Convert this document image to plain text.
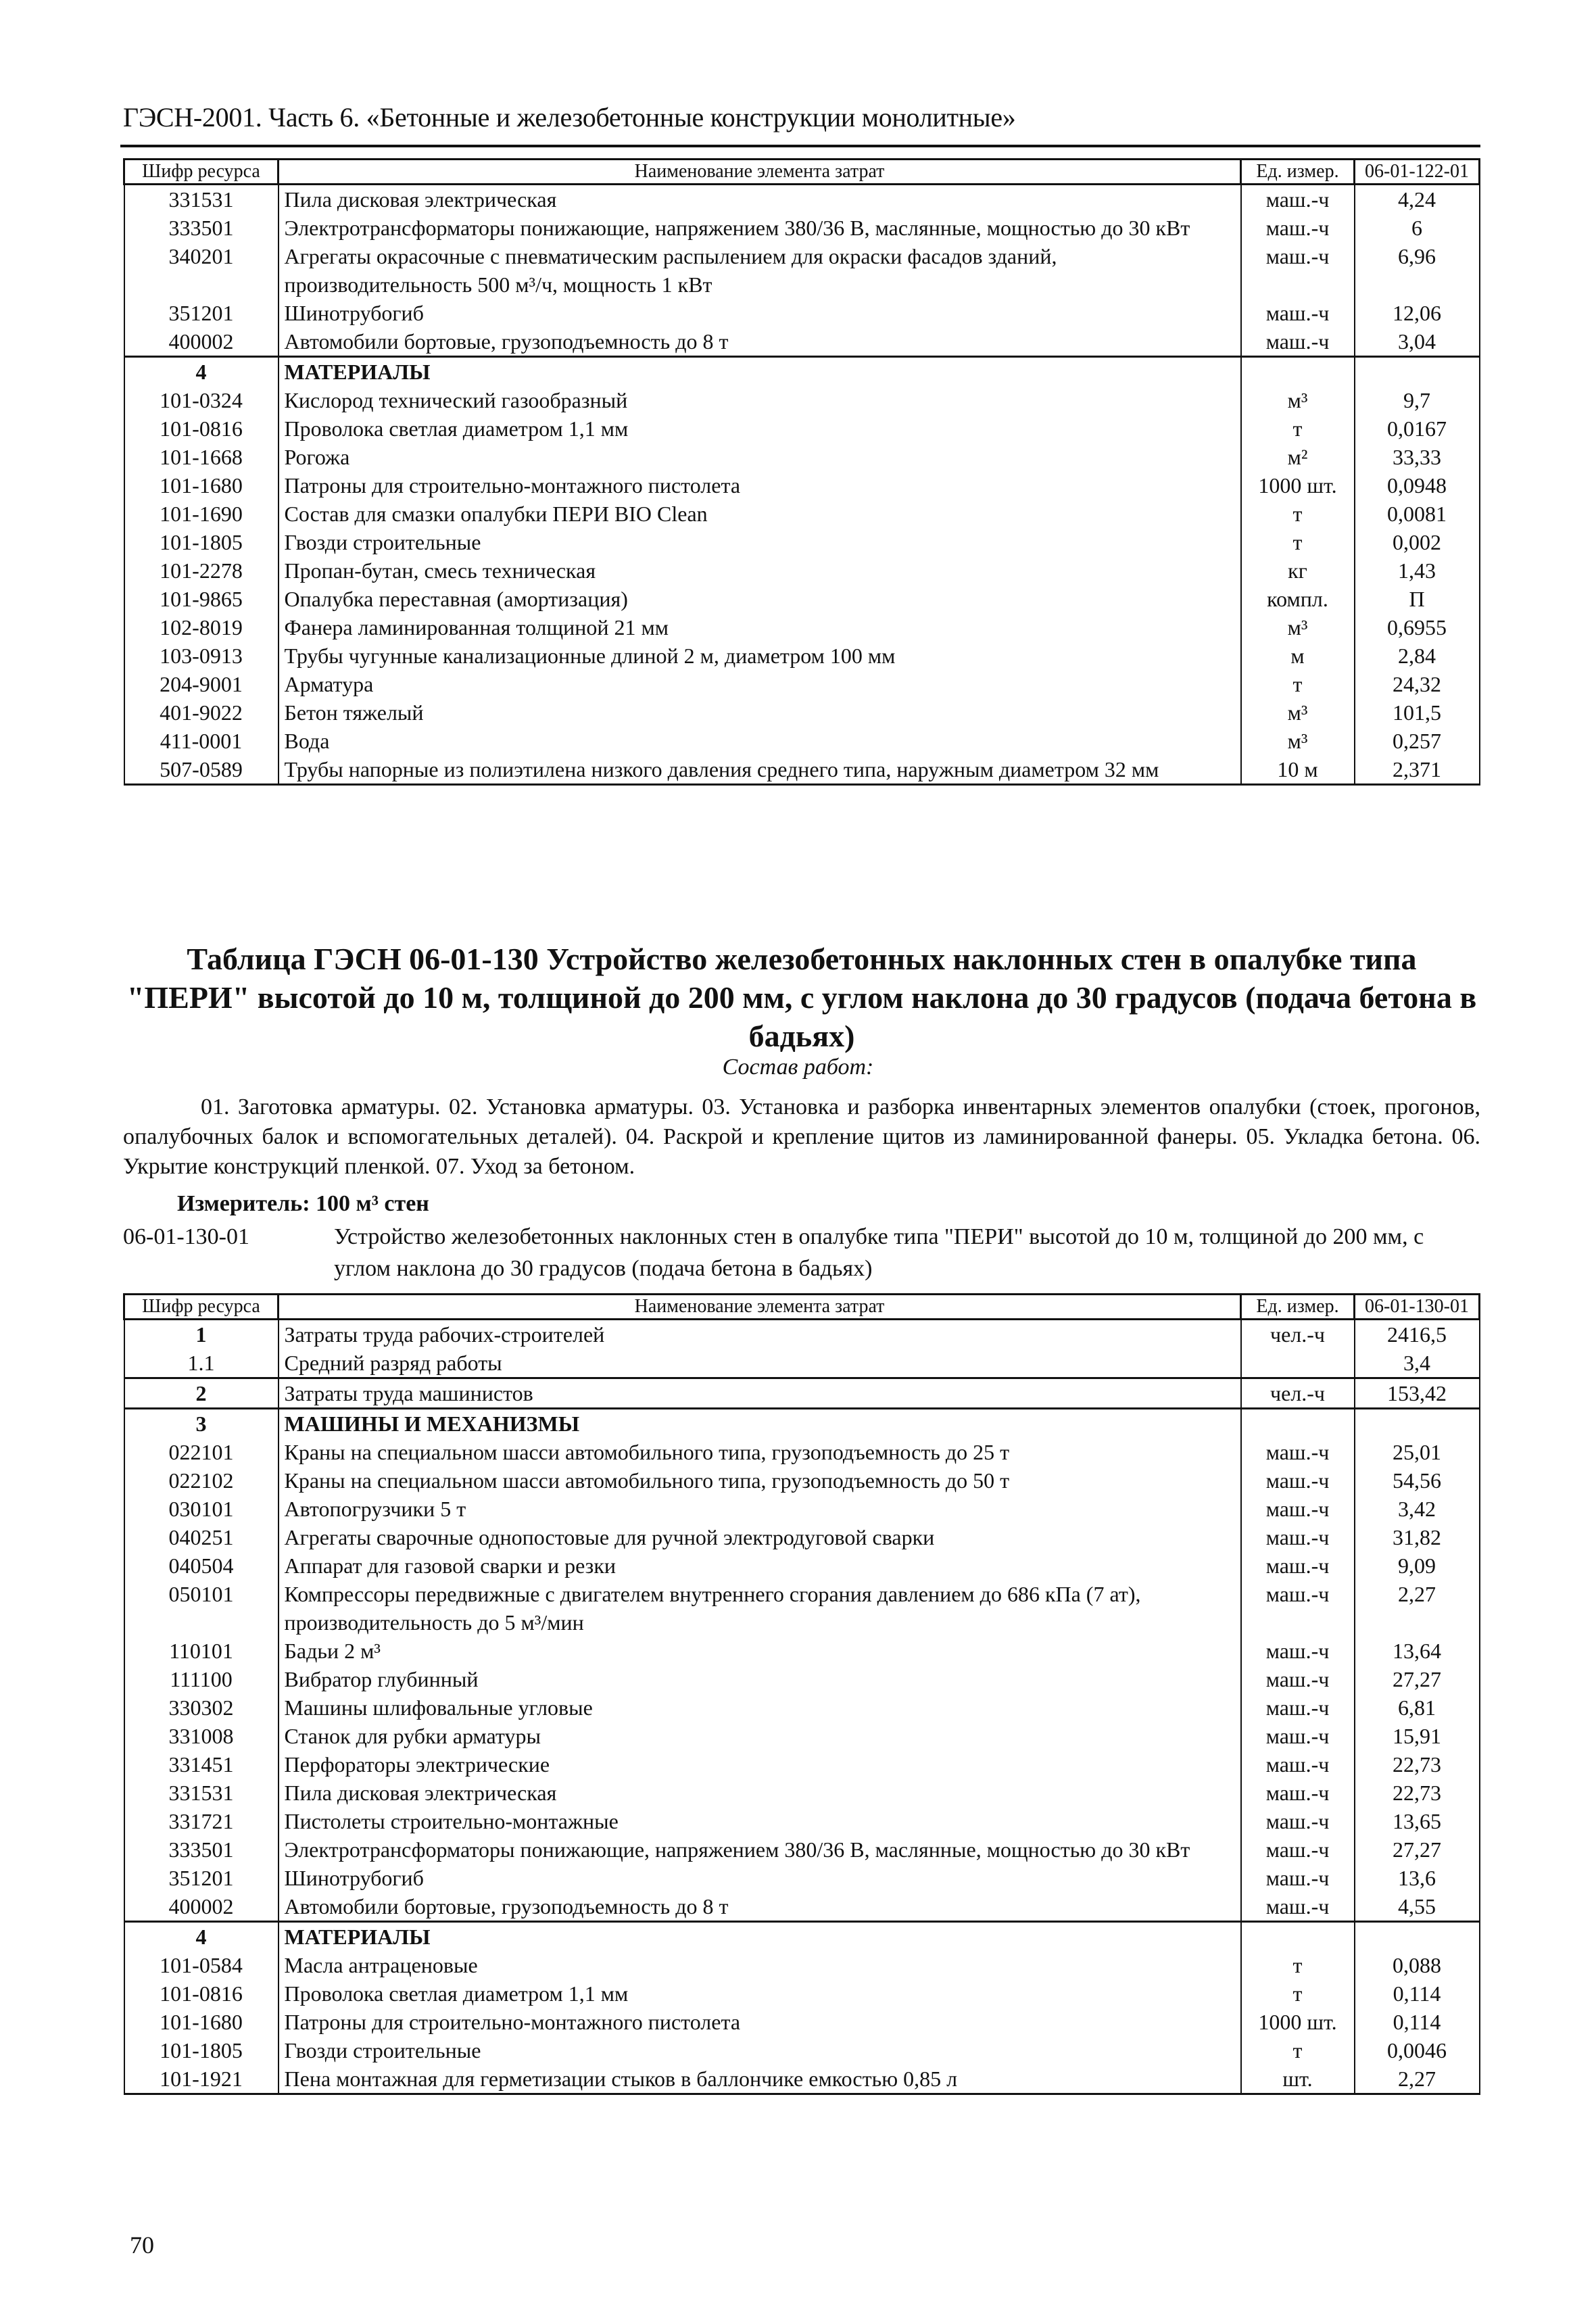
ГЭСН-2001. Часть 6. «Бетонные и железобетонные конструкции монолитные»
Шифр ресурса	Наименование элемента затрат	Ед. измер.	06-01-122-01
331531	Пила дисковая электрическая	маш.-ч	4,24
333501	Электротрансформаторы понижающие, напряжением 380/36 В, маслянные, мощностью до 30 кВт	маш.-ч	6
340201	Агрегаты окрасочные с пневматическим распылением для окраски фасадов зданий, производительность 500 м³/ч, мощность 1 кВт	маш.-ч	6,96
351201	Шинотрубогиб	маш.-ч	12,06
400002	Автомобили бортовые, грузоподъемность до 8 т	маш.-ч	3,04
4	МАТЕРИАЛЫ		
101-0324	Кислород технический газообразный	м³	9,7
101-0816	Проволока светлая диаметром 1,1 мм	т	0,0167
101-1668	Рогожа	м²	33,33
101-1680	Патроны для строительно-монтажного пистолета	1000 шт.	0,0948
101-1690	Состав для смазки опалубки ПЕРИ BIO Clean	т	0,0081
101-1805	Гвозди строительные	т	0,002
101-2278	Пропан-бутан, смесь техническая	кг	1,43
101-9865	Опалубка переставная (амортизация)	компл.	П
102-8019	Фанера ламинированная толщиной 21 мм	м³	0,6955
103-0913	Трубы чугунные канализационные длиной 2 м, диаметром 100 мм	м	2,84
204-9001	Арматура	т	24,32
401-9022	Бетон тяжелый	м³	101,5
411-0001	Вода	м³	0,257
507-0589	Трубы напорные из полиэтилена низкого давления среднего типа, наружным диаметром 32 мм	10 м	2,371
Таблица ГЭСН 06-01-130 Устройство железобетонных наклонных стен в опалубке типа "ПЕРИ" высотой до 10 м, толщиной до 200 мм, с углом наклона до 30 градусов (подача бетона в бадьях)
Состав работ:
01. Заготовка арматуры. 02. Установка арматуры. 03. Установка и разборка инвентарных элементов опалубки (стоек, прогонов, опалубочных балок и вспомогательных деталей). 04. Раскрой и крепление щитов из ламинированной фанеры. 05. Укладка бетона. 06. Укрытие конструкций пленкой. 07. Уход за бетоном.
Измеритель: 100 м³ стен
06-01-130-01	Устройство железобетонных наклонных стен в опалубке типа "ПЕРИ" высотой до 10 м, толщиной до 200 мм, с углом наклона до 30 градусов (подача бетона в бадьях)
Шифр ресурса	Наименование элемента затрат	Ед. измер.	06-01-130-01
1	Затраты труда рабочих-строителей	чел.-ч	2416,5
1.1	Средний разряд работы		3,4
2	Затраты труда машинистов	чел.-ч	153,42
3	МАШИНЫ И МЕХАНИЗМЫ		
022101	Краны на специальном шасси автомобильного типа, грузоподъемность до 25 т	маш.-ч	25,01
022102	Краны на специальном шасси автомобильного типа, грузоподъемность до 50 т	маш.-ч	54,56
030101	Автопогрузчики 5 т	маш.-ч	3,42
040251	Агрегаты сварочные однопостовые для ручной электродуговой сварки	маш.-ч	31,82
040504	Аппарат для газовой сварки и резки	маш.-ч	9,09
050101	Компрессоры передвижные с двигателем внутреннего сгорания давлением до 686 кПа (7 ат), производительность до 5 м³/мин	маш.-ч	2,27
110101	Бадьи 2 м³	маш.-ч	13,64
111100	Вибратор глубинный	маш.-ч	27,27
330302	Машины шлифовальные угловые	маш.-ч	6,81
331008	Станок для рубки арматуры	маш.-ч	15,91
331451	Перфораторы электрические	маш.-ч	22,73
331531	Пила дисковая электрическая	маш.-ч	22,73
331721	Пистолеты строительно-монтажные	маш.-ч	13,65
333501	Электротрансформаторы понижающие, напряжением 380/36 В, маслянные, мощностью до 30 кВт	маш.-ч	27,27
351201	Шинотрубогиб	маш.-ч	13,6
400002	Автомобили бортовые, грузоподъемность до 8 т	маш.-ч	4,55
4	МАТЕРИАЛЫ		
101-0584	Масла антраценовые	т	0,088
101-0816	Проволока светлая диаметром 1,1 мм	т	0,114
101-1680	Патроны для строительно-монтажного пистолета	1000 шт.	0,114
101-1805	Гвозди строительные	т	0,0046
101-1921	Пена монтажная для герметизации стыков в баллончике емкостью 0,85 л	шт.	2,27
70
